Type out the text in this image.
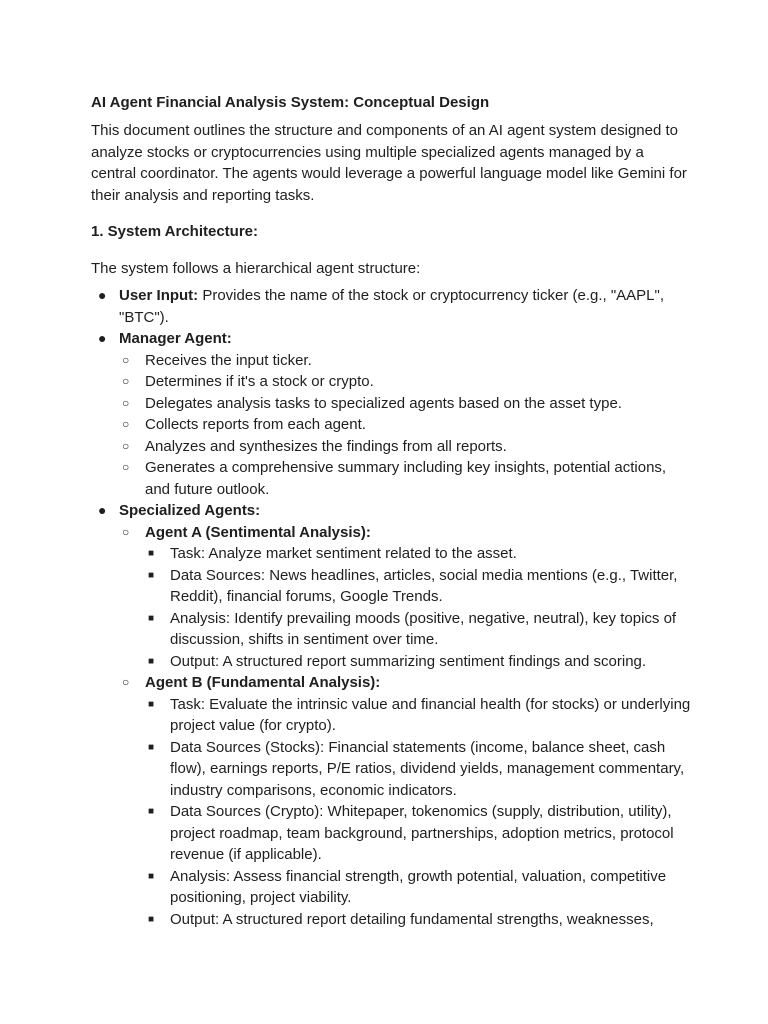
AI Agent Financial Analysis System: Conceptual Design

This document outlines the structure and components of an AI agent system designed to analyze stocks or cryptocurrencies using multiple specialized agents managed by a central coordinator. The agents would leverage a powerful language model like Gemini for their analysis and reporting tasks.

1. System Architecture:

The system follows a hierarchical agent structure:

● User Input: Provides the name of the stock or cryptocurrency ticker (e.g., "AAPL", "BTC").
● Manager Agent:
○ Receives the input ticker.
○ Determines if it's a stock or crypto.
○ Delegates analysis tasks to specialized agents based on the asset type.
○ Collects reports from each agent.
○ Analyzes and synthesizes the findings from all reports.
○ Generates a comprehensive summary including key insights, potential actions, and future outlook.
● Specialized Agents:
○ Agent A (Sentimental Analysis):
■ Task: Analyze market sentiment related to the asset.
■ Data Sources: News headlines, articles, social media mentions (e.g., Twitter, Reddit), financial forums, Google Trends.
■ Analysis: Identify prevailing moods (positive, negative, neutral), key topics of discussion, shifts in sentiment over time.
■ Output: A structured report summarizing sentiment findings and scoring.
○ Agent B (Fundamental Analysis):
■ Task: Evaluate the intrinsic value and financial health (for stocks) or underlying project value (for crypto).
■ Data Sources (Stocks): Financial statements (income, balance sheet, cash flow), earnings reports, P/E ratios, dividend yields, management commentary, industry comparisons, economic indicators.
■ Data Sources (Crypto): Whitepaper, tokenomics (supply, distribution, utility), project roadmap, team background, partnerships, adoption metrics, protocol revenue (if applicable).
■ Analysis: Assess financial strength, growth potential, valuation, competitive positioning, project viability.
■ Output: A structured report detailing fundamental strengths, weaknesses,
